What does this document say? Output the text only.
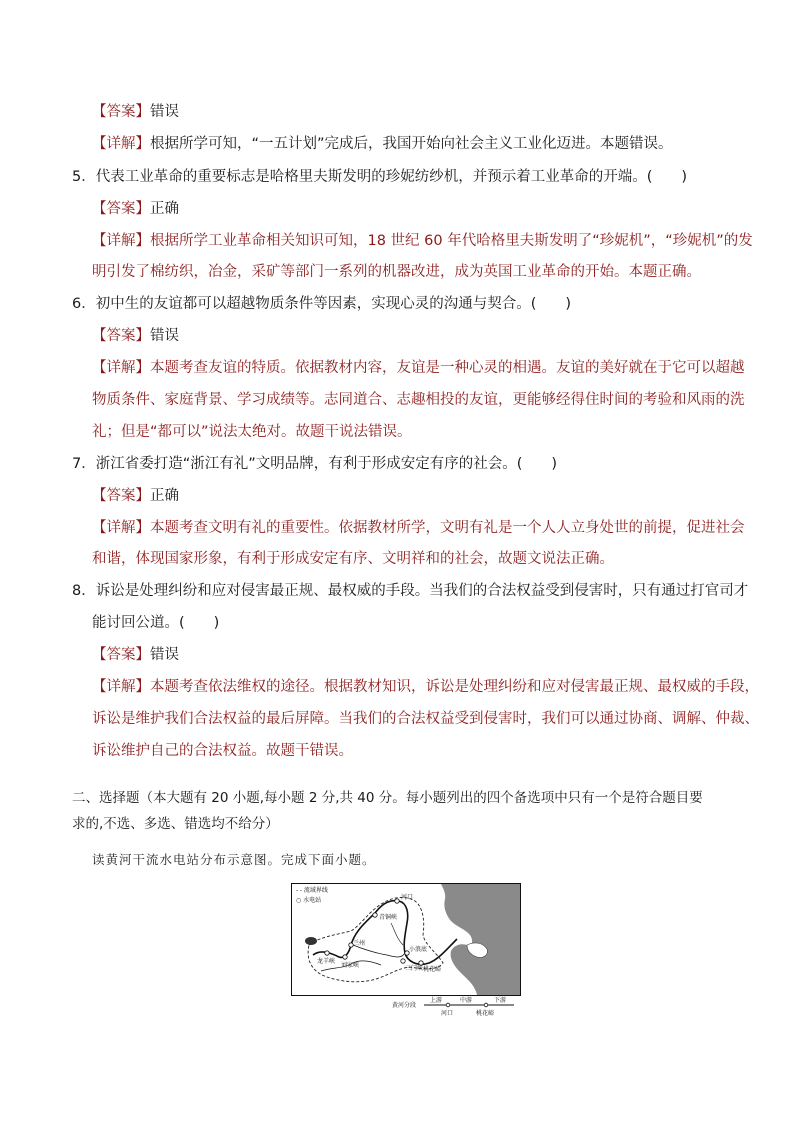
【答案】错误
【详解】根据所学可知，“一五计划”完成后，我国开始向社会主义工业化迈进。本题错误。
5．代表工业革命的重要标志是哈格里夫斯发明的珍妮纺纱机，并预示着工业革命的开端。(　　)
【答案】正确
【详解】根据所学工业革命相关知识可知，18 世纪 60 年代哈格里夫斯发明了“珍妮机”，“珍妮机”的发
明引发了棉纺织，冶金，采矿等部门一系列的机器改进，成为英国工业革命的开始。本题正确。
6．初中生的友谊都可以超越物质条件等因素，实现心灵的沟通与契合。(　　)
【答案】错误
【详解】本题考查友谊的特质。依据教材内容，友谊是一种心灵的相遇。友谊的美好就在于它可以超越
物质条件、家庭背景、学习成绩等。志同道合、志趣相投的友谊，更能够经得住时间的考验和风雨的洗
礼；但是“都可以”说法太绝对。故题干说法错误。
7．浙江省委打造“浙江有礼”文明品牌，有利于形成安定有序的社会。(　　)
【答案】正确
【详解】本题考查文明有礼的重要性。依据教材所学，文明有礼是一个人人立身处世的前提，促进社会
和谐，体现国家形象，有利于形成安定有序、文明祥和的社会，故题文说法正确。
8．诉讼是处理纠纷和应对侵害最正规、最权威的手段。当我们的合法权益受到侵害时，只有通过打官司才
能讨回公道。(　　)
【答案】错误
【详解】本题考查依法维权的途径。根据教材知识，诉讼是处理纠纷和应对侵害最正规、最权威的手段，
诉讼是维护我们合法权益的最后屏障。当我们的合法权益受到侵害时，我们可以通过协商、调解、仲裁、
诉讼维护自己的合法权益。故题干错误。
二、选择题（本大题有 20 小题,每小题 2 分,共 40 分。每小题列出的四个备选项中只有一个是符合题目要
求的,不选、多选、错选均不给分）
读黄河干流水电站分布示意图。完成下面小题。
- - 流域界线
○ 水电站	河口
青铜峡
兰州
小浪底
三门峡 桃花峪
龙羊峡
刘家峡
黄河分段
上游	中游	下游
河口	桃花峪
